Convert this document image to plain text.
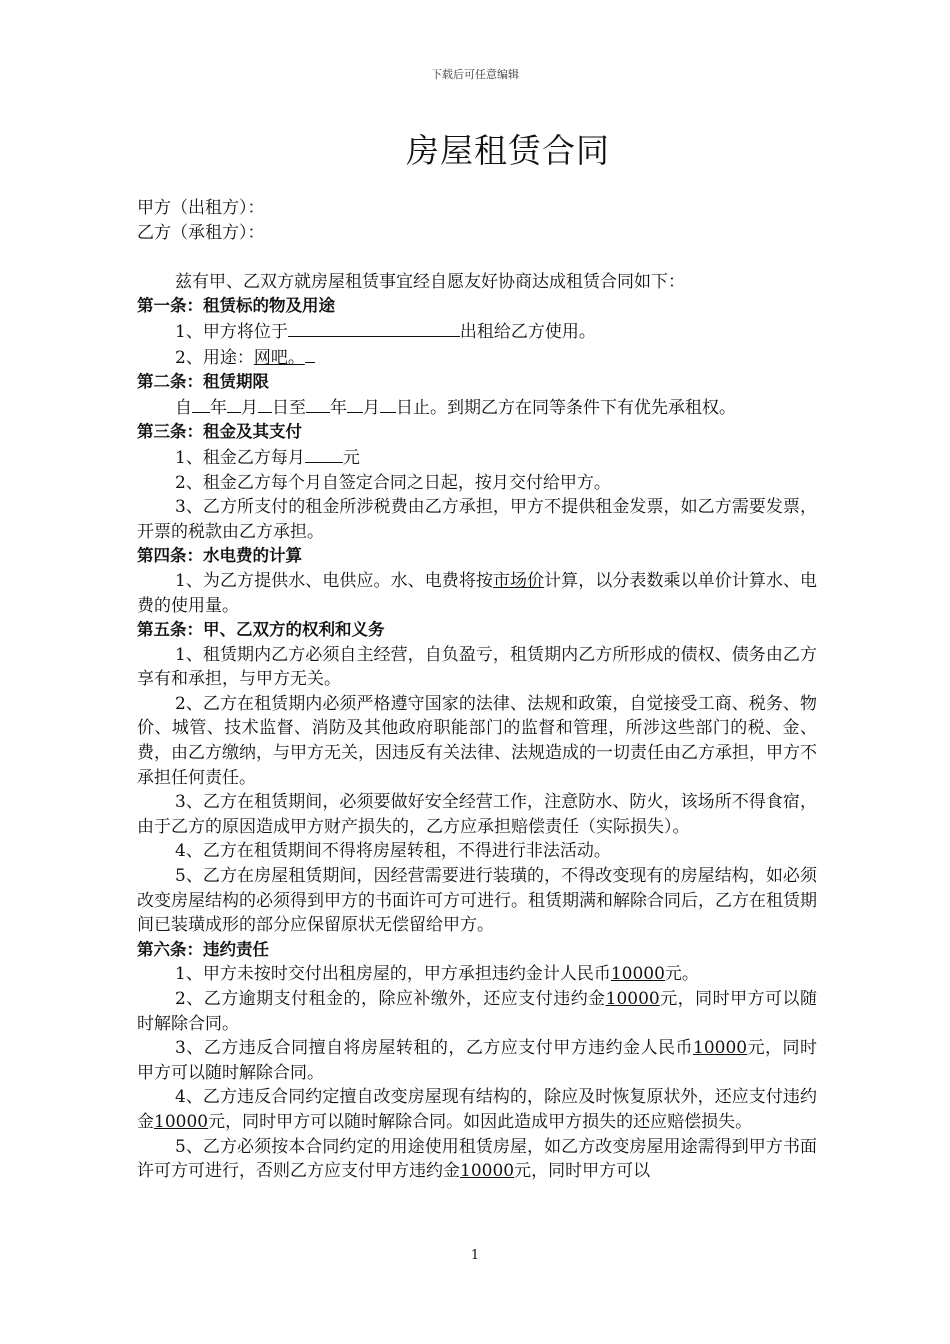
下载后可任意编辑
房屋租赁合同
甲方（出租方）：
乙方（承租方）：
兹有甲、乙双方就房屋租赁事宜经自愿友好协商达成租赁合同如下：
第一条：租赁标的物及用途
1、甲方将位于	出租给乙方使用。
2、用途：网吧。
第二条：租赁期限
自 年 月 日至 年 月 日止。到期乙方在同等条件下有优先承租权。
第三条：租金及其支付
1、租金乙方每月 元
2、租金乙方每个月自签定合同之日起，按月交付给甲方。
3、乙方所支付的租金所涉税费由乙方承担，甲方不提供租金发票，如乙方需要发票，开票的税款由乙方承担。
第四条：水电费的计算
1、为乙方提供水、电供应。水、电费将按市场价计算，以分表数乘以单价计算水、电费的使用量。
第五条：甲、乙双方的权利和义务
1、租赁期内乙方必须自主经营，自负盈亏，租赁期内乙方所形成的债权、债务由乙方享有和承担，与甲方无关。
2、乙方在租赁期内必须严格遵守国家的法律、法规和政策，自觉接受工商、税务、物价、城管、技术监督、消防及其他政府职能部门的监督和管理，所涉这些部门的税、金、费，由乙方缴纳，与甲方无关，因违反有关法律、法规造成的一切责任由乙方承担，甲方不承担任何责任。
3、乙方在租赁期间，必须要做好安全经营工作，注意防水、防火，该场所不得食宿，由于乙方的原因造成甲方财产损失的，乙方应承担赔偿责任（实际损失）。
4、乙方在租赁期间不得将房屋转租，不得进行非法活动。
5、乙方在房屋租赁期间，因经营需要进行装璜的，不得改变现有的房屋结构，如必须改变房屋结构的必须得到甲方的书面许可方可进行。租赁期满和解除合同后，乙方在租赁期间已装璜成形的部分应保留原状无偿留给甲方。
第六条：违约责任
1、甲方未按时交付出租房屋的，甲方承担违约金计人民币10000元。
2、乙方逾期支付租金的，除应补缴外，还应支付违约金10000元，同时甲方可以随时解除合同。
3、乙方违反合同擅自将房屋转租的，乙方应支付甲方违约金人民币10000元，同时甲方可以随时解除合同。
4、乙方违反合同约定擅自改变房屋现有结构的，除应及时恢复原状外，还应支付违约金10000元，同时甲方可以随时解除合同。如因此造成甲方损失的还应赔偿损失。
5、乙方必须按本合同约定的用途使用租赁房屋，如乙方改变房屋用途需得到甲方书面许可方可进行，否则乙方应支付甲方违约金10000元，同时甲方可以
1
